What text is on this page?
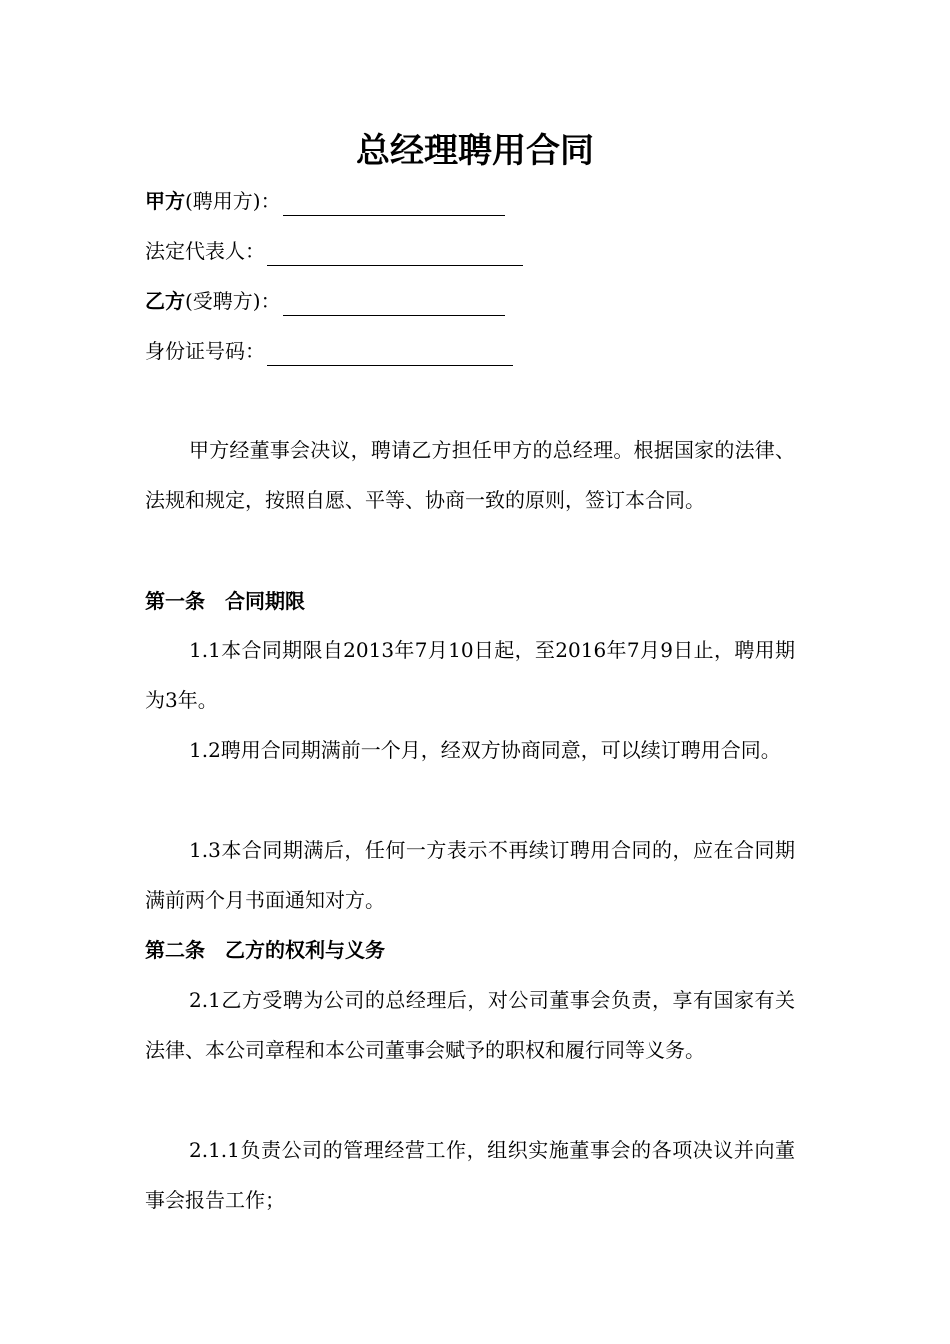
总经理聘用合同
甲方(聘用方)：
法定代表人：
乙方(受聘方)：
身份证号码：
甲方经董事会决议，聘请乙方担任甲方的总经理。根据国家的法律、法规和规定，按照自愿、平等、协商一致的原则，签订本合同。
第一条　合同期限
1.1本合同期限自2013年7月10日起，至2016年7月9日止，聘用期为3年。
1.2聘用合同期满前一个月，经双方协商同意，可以续订聘用合同。
1.3本合同期满后，任何一方表示不再续订聘用合同的，应在合同期满前两个月书面通知对方。
第二条　乙方的权利与义务
2.1乙方受聘为公司的总经理后，对公司董事会负责，享有国家有关法律、本公司章程和本公司董事会赋予的职权和履行同等义务。
2.1.1负责公司的管理经营工作，组织实施董事会的各项决议并向董事会报告工作；
